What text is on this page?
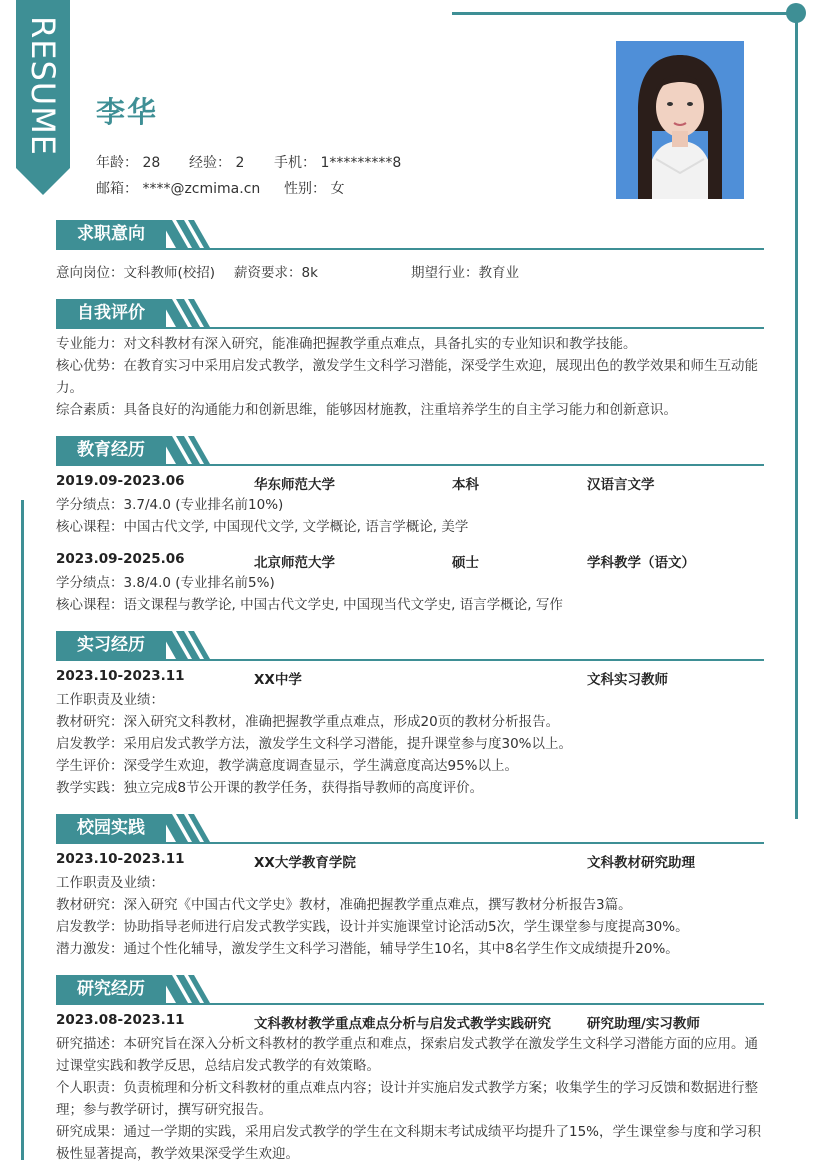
RESUME 李华
年龄： 28 经验： 2 手机： 1*********8
邮箱： ****@zcmima.cn 性别： 女
求职意向
意向岗位：文科教师(校招) 薪资要求：8k	期望行业：教育业
自我评价
专业能力：对文科教材有深入研究，能准确把握教学重点难点，具备扎实的专业知识和教学技能。
核心优势：在教育实习中采用启发式教学，激发学生文科学习潜能，深受学生欢迎，展现出色的教学效果和师生互动能力。
综合素质：具备良好的沟通能力和创新思维，能够因材施教，注重培养学生的自主学习能力和创新意识。
教育经历
2019.09-2023.06	华东师范大学	本科	汉语言文学
学分绩点：3.7/4.0 (专业排名前10%)
核心课程：中国古代文学, 中国现代文学, 文学概论, 语言学概论, 美学
2023.09-2025.06	北京师范大学	硕士	学科教学（语文）
学分绩点：3.8/4.0 (专业排名前5%)
核心课程：语文课程与教学论, 中国古代文学史, 中国现当代文学史, 语言学概论, 写作
实习经历
2023.10-2023.11	XX中学	文科实习教师
工作职责及业绩：
教材研究：深入研究文科教材，准确把握教学重点难点，形成20页的教材分析报告。
启发教学：采用启发式教学方法，激发学生文科学习潜能，提升课堂参与度30%以上。
学生评价：深受学生欢迎，教学满意度调查显示，学生满意度高达95%以上。
教学实践：独立完成8节公开课的教学任务，获得指导教师的高度评价。
校园实践
2023.10-2023.11	XX大学教育学院	文科教材研究助理
工作职责及业绩：
教材研究：深入研究《中国古代文学史》教材，准确把握教学重点难点，撰写教材分析报告3篇。
启发教学：协助指导老师进行启发式教学实践，设计并实施课堂讨论活动5次，学生课堂参与度提高30%。
潜力激发：通过个性化辅导，激发学生文科学习潜能，辅导学生10名，其中8名学生作文成绩提升20%。
研究经历
2023.08-2023.11	文科教材教学重点难点分析与启发式教学实践研究	研究助理/实习教师
研究描述：本研究旨在深入分析文科教材的教学重点和难点，探索启发式教学在激发学生文科学习潜能方面的应用。通过课堂实践和教学反思，总结启发式教学的有效策略。
个人职责：负责梳理和分析文科教材的重点难点内容；设计并实施启发式教学方案；收集学生的学习反馈和数据进行整理；参与教学研讨，撰写研究报告。
研究成果：通过一学期的实践，采用启发式教学的学生在文科期末考试成绩平均提升了15%，学生课堂参与度和学习积极性显著提高，教学效果深受学生欢迎。
